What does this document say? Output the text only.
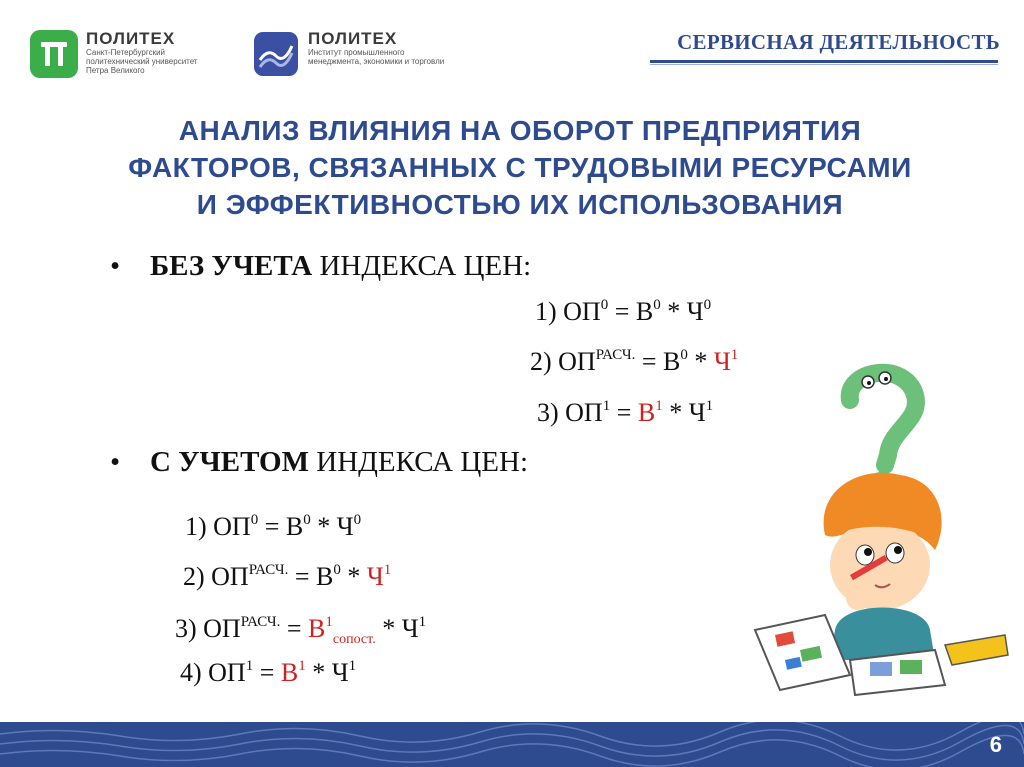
ПОЛИТЕХ
Санкт-Петербургский
политехнический университет
Петра Великого
ПОЛИТЕХ
Институт промышленного
менеджмента, экономики и торговли
СЕРВИСНАЯ ДЕЯТЕЛЬНОСТЬ
АНАЛИЗ ВЛИЯНИЯ НА ОБОРОТ ПРЕДПРИЯТИЯ
ФАКТОРОВ, СВЯЗАННЫХ С ТРУДОВЫМИ РЕСУРСАМИ
И ЭФФЕКТИВНОСТЬЮ ИХ ИСПОЛЬЗОВАНИЯ
• БЕЗ УЧЕТА ИНДЕКСА ЦЕН:
1) $ОП^0 = В^0 * Ч^0$
2) $ОП^{РАСЧ.} = В^0 * Ч^1$
3) $ОП^1 = В^1 * Ч^1$
• С УЧЕТОМ ИНДЕКСА ЦЕН:
1) $ОП^0 = В^0 * Ч^0$
2) $ОП^{РАСЧ.} = В^0 * Ч^1$
3) $ОП^{РАСЧ.} = В^1_{сопост.} * Ч^1$
4) $ОП^1 = В^1 * Ч^1$
6
